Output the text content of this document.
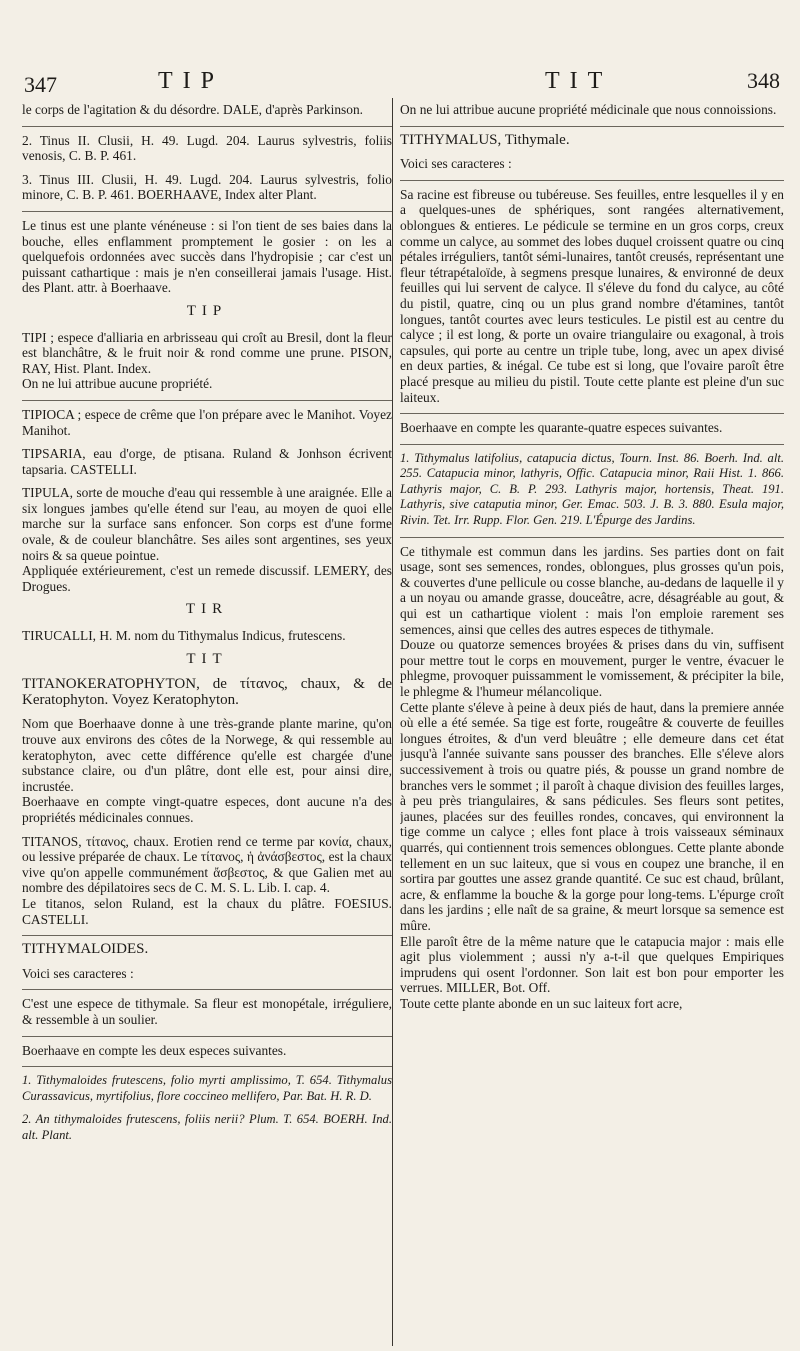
347	TIP	TIT	348

le corps de l'agitation & du désordre. DALE, d'après Parkinson.

2. Tinus II. Clusii, H. 49. Lugd. 204. Laurus sylvestris, foliis venosis, C. B. P. 461.

3. Tinus III. Clusii, H. 49. Lugd. 204. Laurus sylvestris, folio minore, C. B. P. 461. BOERHAAVE, Index alter Plant.

Le tinus est une plante vénéneuse : si l'on tient de ses baies dans la bouche, elles enflamment promptement le gosier : on les a quelquefois ordonnées avec succès dans l'hydropisie ; car c'est un puissant cathartique : mais je n'en conseillerai jamais l'usage. Hist. des Plant. attr. à Boerhaave.

TIP

TIPI ; espece d'alliaria en arbrisseau qui croît au Bresil, dont la fleur est blanchâtre, & le fruit noir & rond comme une prune. PISON, RAY, Hist. Plant. Index.

On ne lui attribue aucune propriété.

TIPIOCA ; espece de crême que l'on prépare avec le Manihot. Voyez Manihot.

TIPSARIA, eau d'orge, de ptisana. Ruland & Jonhson écrivent tapsaria. CASTELLI.

TIPULA, sorte de mouche d'eau qui ressemble à une araignée. Elle a six longues jambes qu'elle étend sur l'eau, au moyen de quoi elle marche sur la surface sans enfoncer. Son corps est d'une forme ovale, & de couleur blanchâtre. Ses ailes sont argentines, ses yeux noirs & sa queue pointue.

Appliquée extérieurement, c'est un remede discussif. LEMERY, des Drogues.

TIR

TIRUCALLI, H. M. nom du Tithymalus Indicus, frutescens.

TIT

TITANOKERATOPHYTON, de τίτανος, chaux, & de Keratophyton. Voyez Keratophyton.

Nom que Boerhaave donne à une très-grande plante marine, qu'on trouve aux environs des côtes de la Norwege, & qui ressemble au keratophyton, avec cette différence qu'elle est chargée d'une substance claire, ou d'un plâtre, dont elle est, pour ainsi dire, incrustée.

Boerhaave en compte vingt-quatre especes, dont aucune n'a des propriétés médicinales connues.

TITANOS, τίτανος, chaux. Erotien rend ce terme par κονία, chaux, ou lessive préparée de chaux. Le τίτανος, ἡ ἀνάσβεστος, est la chaux vive qu'on appelle communément ἄσβεστος, & que Galien met au nombre des dépilatoires secs de C. M. S. L. Lib. I. cap. 4.

Le titanos, selon Ruland, est la chaux du plâtre. FOESIUS. CASTELLI.

TITHYMALOIDES.

Voici ses caracteres :

C'est une espece de tithymale. Sa fleur est monopétale, irréguliere, & ressemble à un soulier.

Boerhaave en compte les deux especes suivantes.

1. Tithymaloides frutescens, folio myrti amplissimo, T. 654. Tithymalus Curassavicus, myrtifolius, flore coccineo mellifero, Par. Bat. H. R. D.

2. An tithymaloides frutescens, foliis nerii? Plum. T. 654. BOERH. Ind. alt. Plant.

On ne lui attribue aucune propriété médicinale que nous connoissions.

TITHYMALUS, Tithymale.

Voici ses caracteres :

Sa racine est fibreuse ou tubéreuse. Ses feuilles, entre lesquelles il y en a quelques-unes de sphériques, sont rangées alternativement, oblongues & entieres. Le pédicule se termine en un gros corps, creux comme un calyce, au sommet des lobes duquel croissent quatre ou cinq pétales irréguliers, tantôt sémi-lunaires, tantôt creusés, représentant une fleur tétrapétaloïde, à segmens presque lunaires, & environné de deux feuilles qui lui servent de calyce. Il s'éleve du fond du calyce, au côté du pistil, quatre, cinq ou un plus grand nombre d'étamines, tantôt longues, tantôt courtes avec leurs testicules. Le pistil est au centre du calyce ; il est long, & porte un ovaire triangulaire ou exagonal, à trois capsules, qui porte au centre un triple tube, long, avec un apex divisé en deux parties, & inégal. Ce tube est si long, que l'ovaire paroît être placé presque au milieu du pistil. Toute cette plante est pleine d'un suc laiteux.

Boerhaave en compte les quarante-quatre especes suivantes.

1. Tithymalus latifolius, catapucia dictus, Tourn. Inst. 86. Boerh. Ind. alt. 255. Catapucia minor, lathyris, Offic. Catapucia minor, Raii Hist. 1. 866. Lathyris major, C. B. P. 293. Lathyris major, hortensis, Theat. 191. Lathyris, sive cataputia minor, Ger. Emac. 503. J. B. 3. 880. Esula major, Rivin. Tet. Irr. Rupp. Flor. Gen. 219. L'Épurge des Jardins.

Ce tithymale est commun dans les jardins. Ses parties dont on fait usage, sont ses semences, rondes, oblongues, plus grosses qu'un pois, & couvertes d'une pellicule ou cosse blanche, au-dedans de laquelle il y a un noyau ou amande grasse, douceâtre, acre, désagréable au gout, & qui est un cathartique violent : mais l'on emploie rarement ses semences, ainsi que celles des autres especes de tithymale.

Douze ou quatorze semences broyées & prises dans du vin, suffisent pour mettre tout le corps en mouvement, purger le ventre, évacuer le phlegme, provoquer puissamment le vomissement, & précipiter la bile, le phlegme & l'humeur mélancolique.

Cette plante s'éleve à peine à deux piés de haut, dans la premiere année où elle a été semée. Sa tige est forte, rougeâtre & couverte de feuilles longues étroites, & d'un verd bleuâtre ; elle demeure dans cet état jusqu'à l'année suivante sans pousser des branches. Elle s'éleve alors successivement à trois ou quatre piés, & pousse un grand nombre de branches vers le sommet ; il paroît à chaque division des feuilles larges, à peu près triangulaires, & sans pédicules. Ses fleurs sont petites, jaunes, placées sur des feuilles rondes, concaves, qui environnent la tige comme un calyce ; elles font place à trois vaisseaux séminaux quarrés, qui contiennent trois semences oblongues. Cette plante abonde tellement en un suc laiteux, que si vous en coupez une branche, il en sortira par gouttes une assez grande quantité. Ce suc est chaud, brûlant, acre, & enflamme la bouche & la gorge pour long-tems. L'épurge croît dans les jardins ; elle naît de sa graine, & meurt lorsque sa semence est mûre.

Elle paroît être de la même nature que le catapucia major : mais elle agit plus violemment ; aussi n'y a-t-il que quelques Empiriques imprudens qui osent l'ordonner. Son lait est bon pour emporter les verrues. MILLER, Bot. Off.

Toute cette plante abonde en un suc laiteux fort acre,
